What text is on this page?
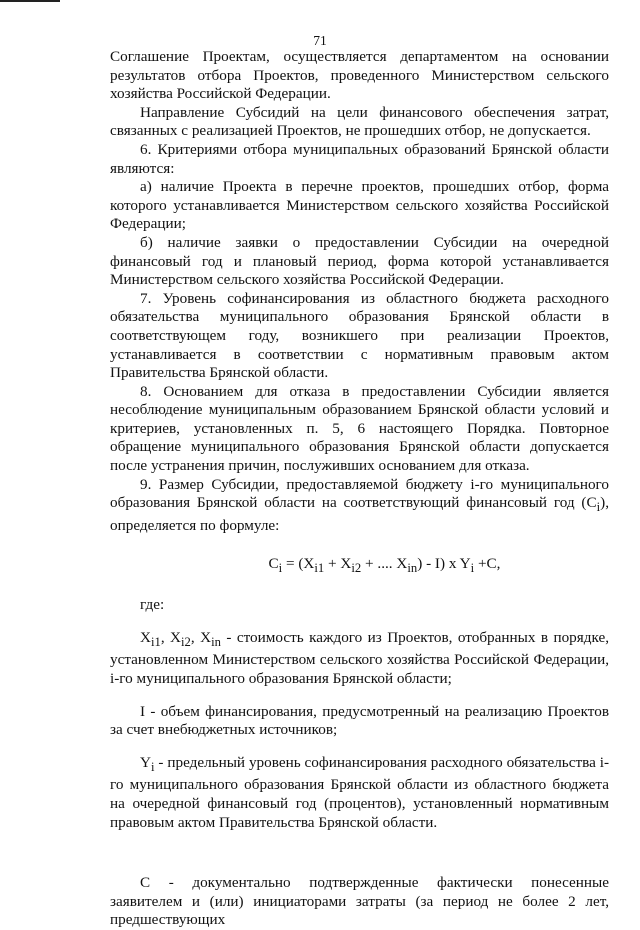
71

Соглашение Проектам, осуществляется департаментом на основании результатов отбора Проектов, проведенного Министерством сельского хозяйства Российской Федерации.

Направление Субсидий на цели финансового обеспечения затрат, связанных с реализацией Проектов, не прошедших отбор, не допускается.

6. Критериями отбора муниципальных образований Брянской области являются:

а) наличие Проекта в перечне проектов, прошедших отбор, форма которого устанавливается Министерством сельского хозяйства Российской Федерации;

б) наличие заявки о предоставлении Субсидии на очередной финансовый год и плановый период, форма которой устанавливается Министерством сельского хозяйства Российской Федерации.

7. Уровень софинансирования из областного бюджета расходного обязательства муниципального образования Брянской области в соответствующем году, возникшего при реализации Проектов, устанавливается в соответствии с нормативным правовым актом Правительства Брянской области.

8. Основанием для отказа в предоставлении Субсидии является несоблюдение муниципальным образованием Брянской области условий и критериев, установленных п. 5, 6 настоящего Порядка. Повторное обращение муниципального образования Брянской области допускается после устранения причин, послуживших основанием для отказа.

9. Размер Субсидии, предоставляемой бюджету i-го муниципального образования Брянской области на соответствующий финансовый год $(C_i)$, определяется по формуле:

$C_i = (X_{i1} + X_{i2}$ + .... $X_{in}) - I$) x $Y_i +C$,

где:

$X_{i1}$, $X_{i2}$, $X_{in}$ - стоимость каждого из Проектов, отобранных в порядке, установленном Министерством сельского хозяйства Российской Федерации, i-го муниципального образования Брянской области;

I - объем финансирования, предусмотренный на реализацию Проектов за счет внебюджетных источников;

$Y_i$ - предельный уровень софинансирования расходного обязательства i-го муниципального образования Брянской области из областного бюджета на очередной финансовый год (процентов), установленный нормативным правовым актом Правительства Брянской области.

C - документально подтвержденные фактически понесенные заявителем и (или) инициаторами затраты (за период не более 2 лет, предшествующих
